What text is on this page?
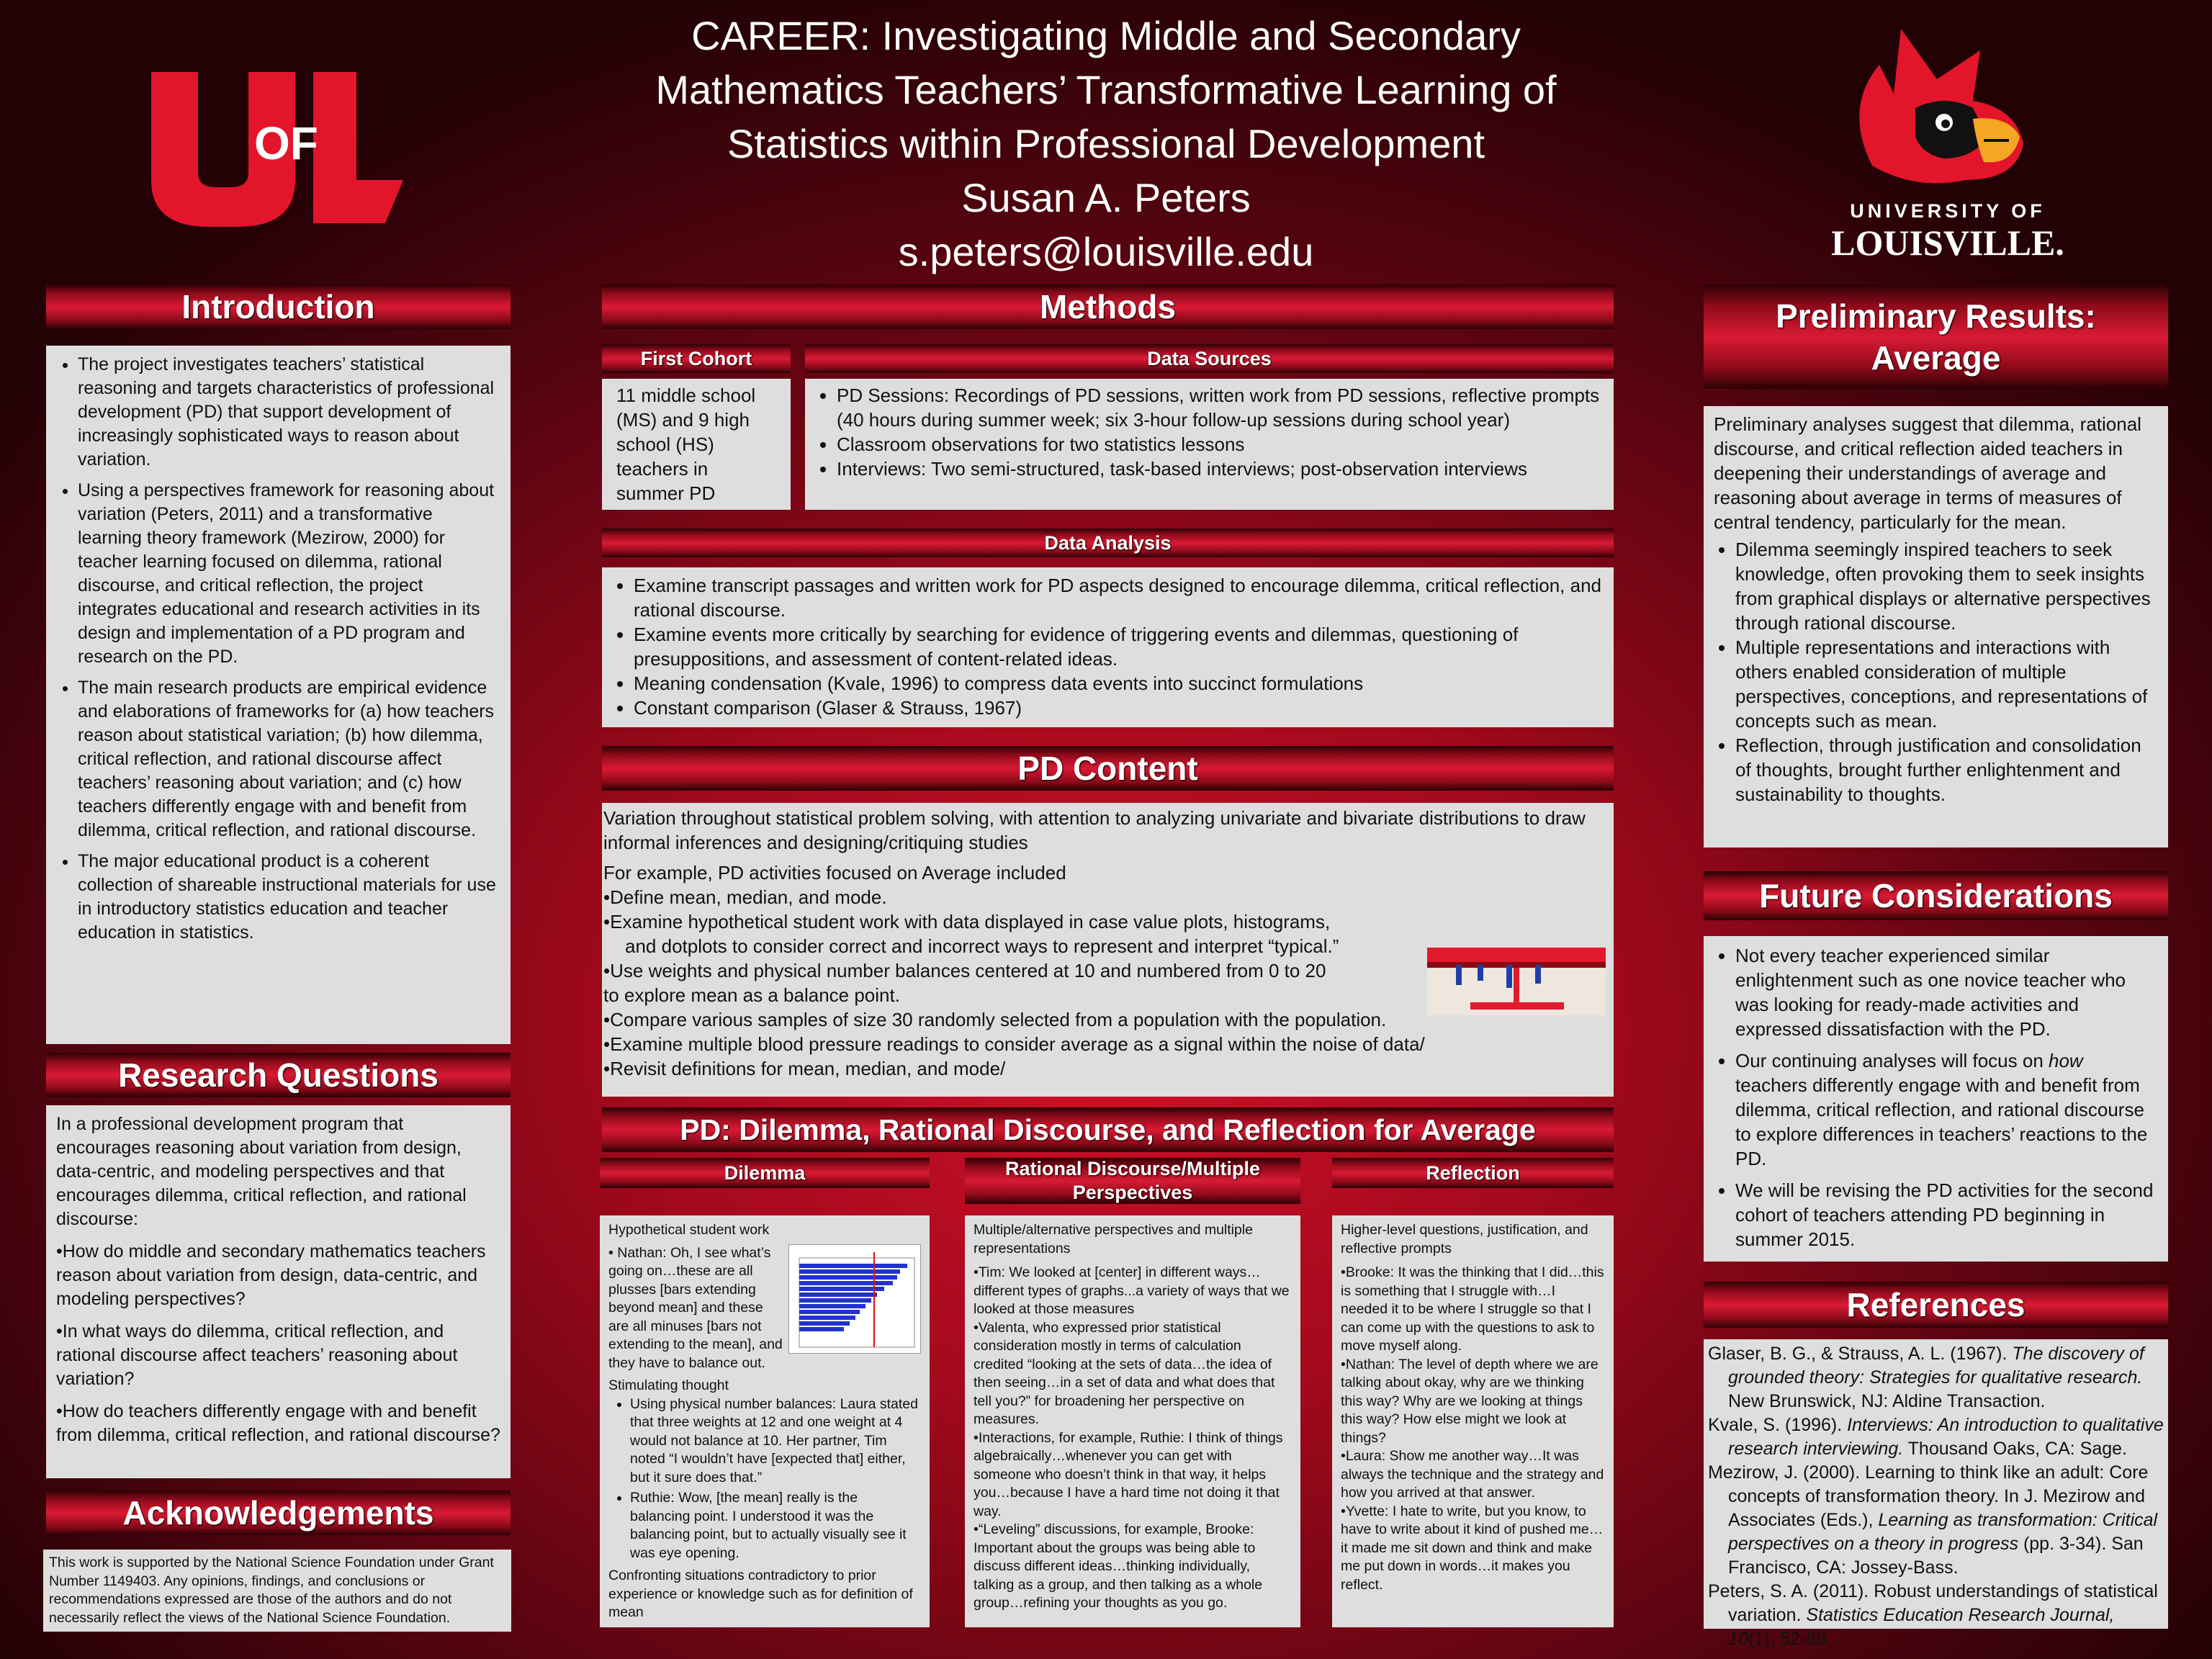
CAREER: Investigating Middle and Secondary
Mathematics Teachers’ Transformative Learning of
Statistics within Professional Development
Susan A. Peters
s.peters@louisville.edu
OF
UNIVERSITY OF
LOUISVILLE.
Introduction
• The project investigates teachers’ statistical reasoning and targets characteristics of professional development (PD) that support development of increasingly sophisticated ways to reason about variation.
• Using a perspectives framework for reasoning about variation (Peters, 2011) and a transformative learning theory framework (Mezirow, 2000) for teacher learning focused on dilemma, rational discourse, and critical reflection, the project integrates educational and research activities in its design and implementation of a PD program and research on the PD.
• The main research products are empirical evidence and elaborations of frameworks for (a) how teachers reason about statistical variation; (b) how dilemma, critical reflection, and rational discourse affect teachers’ reasoning about variation; and (c) how teachers differently engage with and benefit from dilemma, critical reflection, and rational discourse.
• The major educational product is a coherent collection of shareable instructional materials for use in introductory statistics education and teacher education in statistics.
Research Questions

In a professional development program that encourages reasoning about variation from design, data-centric, and modeling perspectives and that encourages dilemma, critical reflection, and rational discourse:

•How do middle and secondary mathematics teachers reason about variation from design, data-centric, and modeling perspectives?

•In what ways do dilemma, critical reflection, and rational discourse affect teachers’ reasoning about variation?

•How do teachers differently engage with and benefit from dilemma, critical reflection, and rational discourse?

Acknowledgements

This work is supported by the National Science Foundation under Grant Number 1149403. Any opinions, findings, and conclusions or recommendations expressed are those of the authors and do not necessarily reflect the views of the National Science Foundation.

Methods
First Cohort

11 middle school (MS) and 9 high school (HS) teachers in summer PD

Data Sources
• PD Sessions: Recordings of PD sessions, written work from PD sessions, reflective prompts
(40 hours during summer week; six 3-hour follow-up sessions during school year)
• Classroom observations for two statistics lessons
• Interviews: Two semi-structured, task-based interviews; post-observation interviews
Data Analysis
• Examine transcript passages and written work for PD aspects designed to encourage dilemma, critical reflection, and rational discourse.
• Examine events more critically by searching for evidence of triggering events and dilemmas, questioning of presuppositions, and assessment of content-related ideas.
• Meaning condensation (Kvale, 1996) to compress data events into succinct formulations
• Constant comparison (Glaser & Strauss, 1967)
PD Content

Variation throughout statistical problem solving, with attention to analyzing univariate and bivariate distributions to draw informal inferences and designing/critiquing studies

For example, PD activities focused on Average included

•Define mean, median, and mode.

•Examine hypothetical student work with data displayed in case value plots, histograms,

and dotplots to consider correct and incorrect ways to represent and interpret “typical.”

•Use weights and physical number balances centered at 10 and numbered from 0 to 20

to explore mean as a balance point.

•Compare various samples of size 30 randomly selected from a population with the population.

•Examine multiple blood pressure readings to consider average as a signal within the noise of data/

•Revisit definitions for mean, median, and mode/

PD: Dilemma, Rational Discourse, and Reflection for Average
Dilemma

Hypothetical student work

• Nathan: Oh, I see what’s going on…these are all plusses [bars extending beyond mean] and these are all minuses [bars not extending to the mean], and they have to balance out.

Stimulating thought

• Using physical number balances: Laura stated that three weights at 12 and one weight at 4 would not balance at 10. Her partner, Tim noted “I wouldn’t have [expected that] either, but it sure does that.”
• Ruthie: Wow, [the mean] really is the balancing point. I understood it was the balancing point, but to actually visually see it was eye opening.

Confronting situations contradictory to prior experience or knowledge such as for definition of mean

Rational Discourse/Multiple Perspectives

Multiple/alternative perspectives and multiple representations

•Tim: We looked at [center] in different ways…different types of graphs...a variety of ways that we looked at those measures

•Valenta, who expressed prior statistical consideration mostly in terms of calculation credited “looking at the sets of data…the idea of then seeing…in a set of data and what does that tell you?” for broadening her perspective on measures.

•Interactions, for example, Ruthie: I think of things algebraically…whenever you can get with someone who doesn’t think in that way, it helps you…because I have a hard time not doing it that way.

•“Leveling” discussions, for example, Brooke: Important about the groups was being able to discuss different ideas…thinking individually, talking as a group, and then talking as a whole group…refining your thoughts as you go.

Reflection

Higher-level questions, justification, and reflective prompts

•Brooke: It was the thinking that I did…this is something that I struggle with…I needed it to be where I struggle so that I can come up with the questions to ask to move myself along.

•Nathan: The level of depth where we are talking about okay, why are we thinking this way? Why are we looking at things this way? How else might we look at things?

•Laura: Show me another way…It was always the technique and the strategy and how you arrived at that answer.

•Yvette: I hate to write, but you know, to have to write about it kind of pushed me…it made me sit down and think and make me put down in words…it makes you reflect.

Preliminary Results:
Average

Preliminary analyses suggest that dilemma, rational discourse, and critical reflection aided teachers in deepening their understandings of average and reasoning about average in terms of measures of central tendency, particularly for the mean.

• Dilemma seemingly inspired teachers to seek knowledge, often provoking them to seek insights from graphical displays or alternative perspectives through rational discourse.
• Multiple representations and interactions with others enabled consideration of multiple perspectives, conceptions, and representations of concepts such as mean.
• Reflection, through justification and consolidation of thoughts, brought further enlightenment and sustainability to thoughts.
Future Considerations
• Not every teacher experienced similar enlightenment such as one novice teacher who was looking for ready-made activities and expressed dissatisfaction with the PD.
• Our continuing analyses will focus on how teachers differently engage with and benefit from dilemma, critical reflection, and rational discourse to explore differences in teachers’ reactions to the PD.
• We will be revising the PD activities for the second cohort of teachers attending PD beginning in summer 2015.
References

Glaser, B. G., & Strauss, A. L. (1967). The discovery of grounded theory: Strategies for qualitative research. New Brunswick, NJ: Aldine Transaction.

Kvale, S. (1996). Interviews: An introduction to qualitative research interviewing. Thousand Oaks, CA: Sage.

Mezirow, J. (2000). Learning to think like an adult: Core concepts of transformation theory. In J. Mezirow and Associates (Eds.), Learning as transformation: Critical perspectives on a theory in progress (pp. 3-34). San Francisco, CA: Jossey-Bass.

Peters, S. A. (2011). Robust understandings of statistical variation. Statistics Education Research Journal, 10(1), 52-88.
